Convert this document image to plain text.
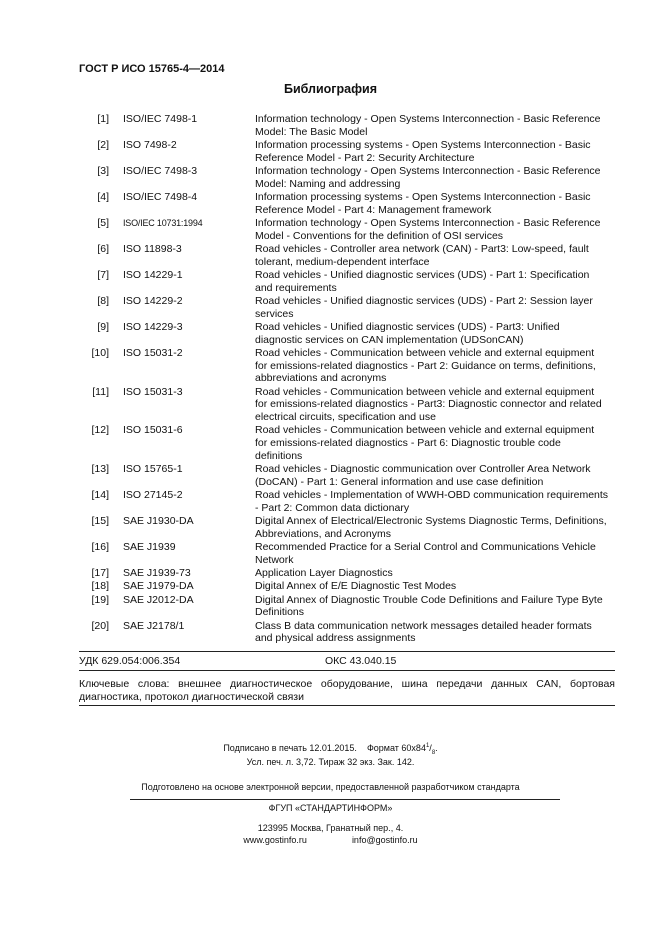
ГОСТ Р ИСО 15765-4—2014
Библиография
[1] ISO/IEC 7498-1	Information technology - Open Systems Interconnection - Basic Reference Model: The Basic Model
[2] ISO 7498-2	Information processing systems - Open Systems Interconnection - Basic Reference Model - Part 2: Security Architecture
[3] ISO/IEC 7498-3	Information technology - Open Systems Interconnection - Basic Reference Model: Naming and addressing
[4] ISO/IEC 7498-4	Information processing systems - Open Systems Interconnection - Basic Reference Model - Part 4: Management framework
[5] ISO/IEC 10731:1994	Information technology - Open Systems Interconnection - Basic Reference Model - Conventions for the definition of OSI services
[6] ISO 11898-3	Road vehicles - Controller area network (CAN) - Part3: Low-speed, fault tolerant, medium-dependent interface
[7] ISO 14229-1	Road vehicles - Unified diagnostic services (UDS) - Part 1: Specification and requirements
[8] ISO 14229-2	Road vehicles - Unified diagnostic services (UDS) - Part 2: Session layer services
[9] ISO 14229-3	Road vehicles - Unified diagnostic services (UDS) - Part3: Unified diagnostic services on CAN implementation (UDSonCAN)
[10] ISO 15031-2	Road vehicles - Communication between vehicle and external equipment for emissions-related diagnostics - Part 2: Guidance on terms, definitions, abbreviations and acronyms
[11] ISO 15031-3	Road vehicles - Communication between vehicle and external equipment for emissions-related diagnostics - Part3: Diagnostic connector and related electrical circuits, specification and use
[12] ISO 15031-6	Road vehicles - Communication between vehicle and external equipment for emissions-related diagnostics - Part 6: Diagnostic trouble code definitions
[13] ISO 15765-1	Road vehicles - Diagnostic communication over Controller Area Network (DoCAN) - Part 1: General information and use case definition
[14] ISO 27145-2	Road vehicles - Implementation of WWH-OBD communication requirements - Part 2: Common data dictionary
[15] SAE J1930-DA	Digital Annex of Electrical/Electronic Systems Diagnostic Terms, Definitions, Abbreviations, and Acronyms
[16] SAE J1939	Recommended Practice for a Serial Control and Communications Vehicle Network
[17] SAE J1939-73	Application Layer Diagnostics
[18] SAE J1979-DA	Digital Annex of E/E Diagnostic Test Modes
[19] SAE J2012-DA	Digital Annex of Diagnostic Trouble Code Definitions and Failure Type Byte Definitions
[20] SAE J2178/1	Class B data communication network messages detailed header formats and physical address assignments
УДК 629.054:006.354	ОКС 43.040.15
Ключевые слова: внешнее диагностическое оборудование, шина передачи данных CAN, бортовая диагностика, протокол диагностической связи
Подписано в печать 12.01.2015. Формат $60x84^1/_8$.
Усл. печ. л. 3,72. Тираж 32 экз. Зак. 142.
Подготовлено на основе электронной версии, предоставленной разработчиком стандарта
ФГУП «СТАНДАРТИНФОРМ»
123995 Москва, Гранатный пер., 4.
www.gostinfo.ru	info@gostinfo.ru
